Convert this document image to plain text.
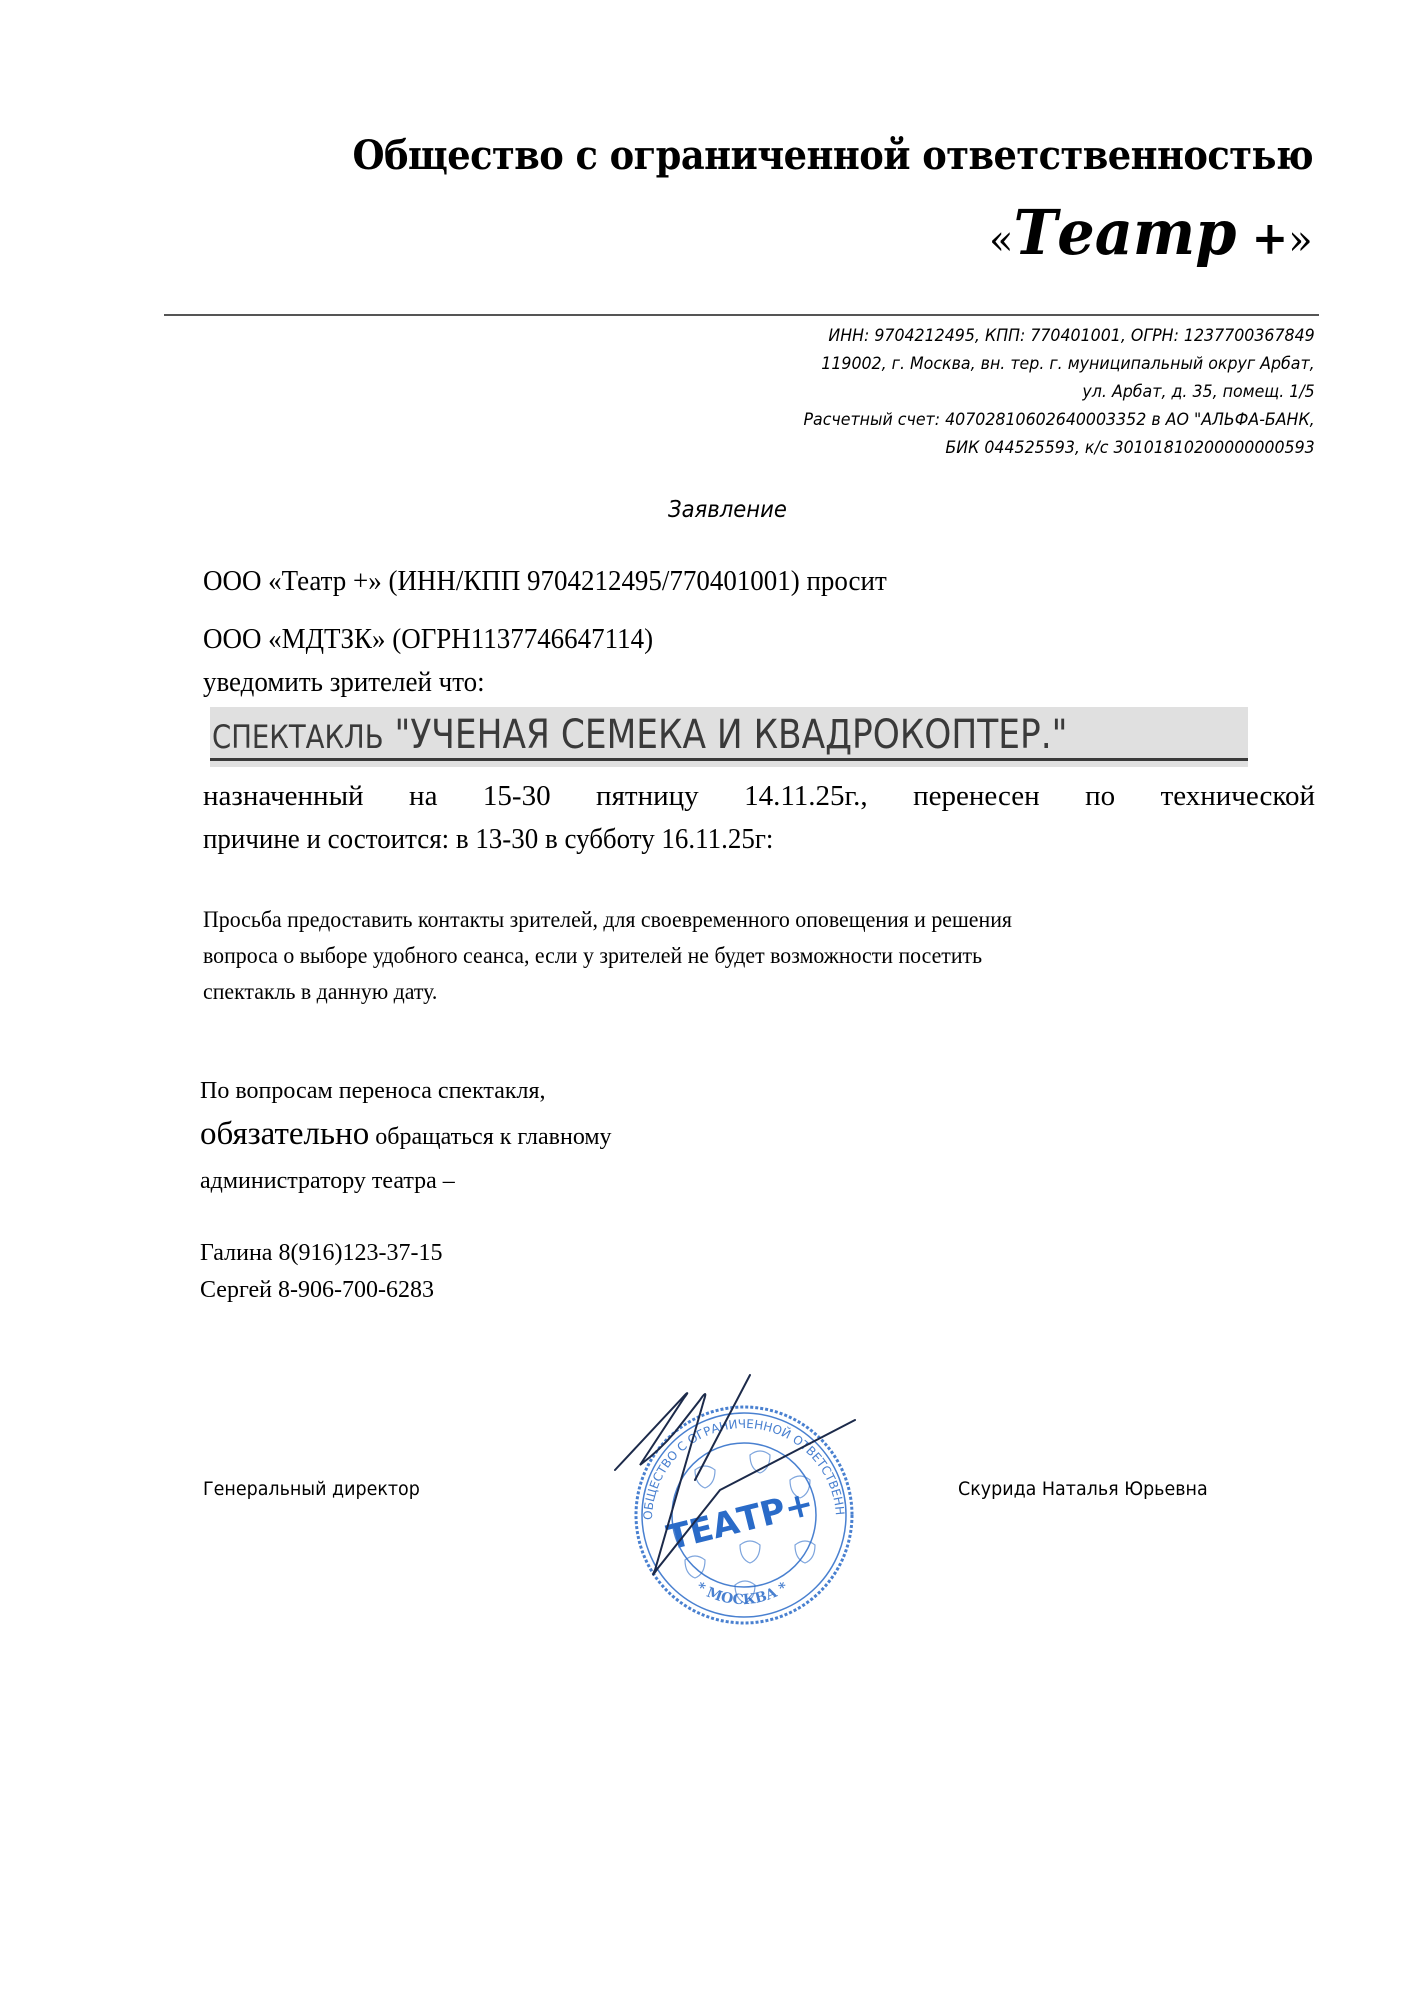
Общество с ограниченной ответственностью
«Театр +»
ИНН: 9704212495, КПП: 770401001, ОГРН: 1237700367849
119002, г. Москва, вн. тер. г. муниципальный округ Арбат,
ул. Арбат, д. 35, помещ. 1/5
Расчетный счет: 40702810602640003352 в АО "АЛЬФА-БАНК,
БИК 044525593, к/с 30101810200000000593
Заявление
ООО «Театр +» (ИНН/КПП 9704212495/770401001) просит
ООО «МДТЗК» (ОГРН1137746647114)
уведомить зрителей что:
СПЕКТАКЛЬ "УЧЕНАЯ СЕМЕКА И КВАДРОКОПТЕР."
назначенный на 15-30 пятницу 14.11.25г., перенесен по технической
причине и состоится: в 13-30 в субботу 16.11.25г:
Просьба предоставить контакты зрителей, для своевременного оповещения и решения
вопроса о выборе удобного сеанса, если у зрителей не будет возможности посетить
спектакль в данную дату.
По вопросам переноса спектакля,
обязательно обращаться к главному
администратору театра –
Галина 8(916)123-37-15
Сергей 8-906-700-6283
Генеральный директор	Скурида Наталья Юрьевна
ОБЩЕСТВО С ОГРАНИЧЕННОЙ ОТВЕТСТВЕНН
* МОСКВА *
ТЕАТР+
